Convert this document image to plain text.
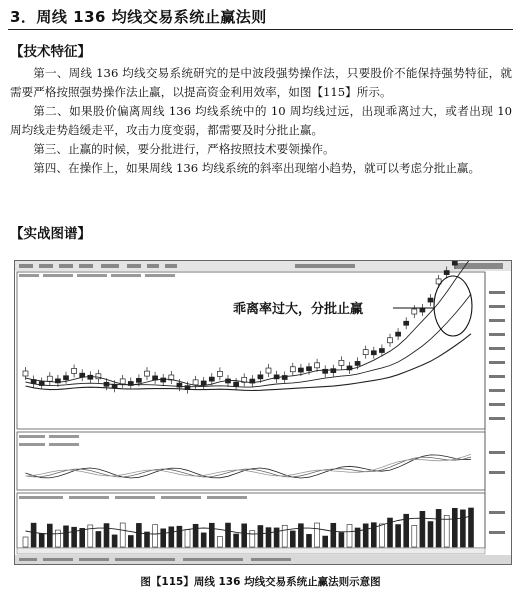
3．周线 136 均线交易系统止赢法则
【技术特征】

第一、周线 136 均线交易系统研究的是中波段强势操作法，只要股价不能保持强势特征，就需要严格按照强势操作法止赢，以提高资金利用效率，如图【115】所示。

第二、如果股价偏离周线 136 均线系统中的 10 周均线过远，出现乖离过大，或者出现 10 周均线走势趋缓走平，攻击力度变弱，都需要及时分批止赢。

第三、止赢的时候，要分批进行，严格按照技术要领操作。

第四、在操作上，如果周线 136 均线系统的斜率出现缩小趋势，就可以考虑分批止赢。

【实战图谱】
乖离率过大，分批止赢
图【115】周线 136 均线交易系统止赢法则示意图
